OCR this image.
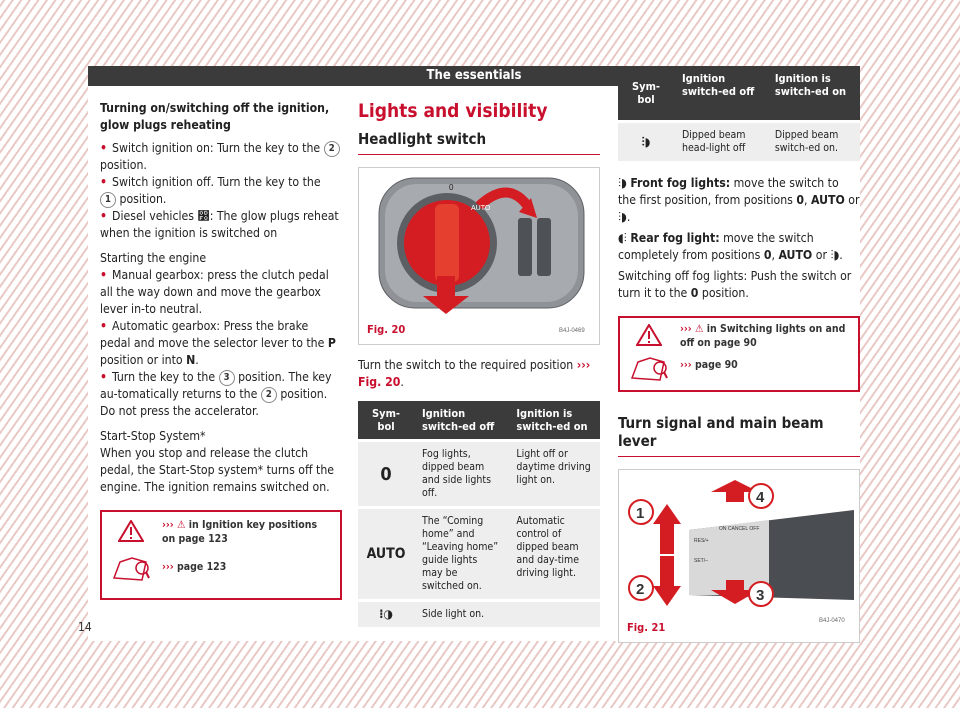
The essentials

Turning on/switching off the ignition, glow plugs reheating

• Switch ignition on: Turn the key to the 2 position.

• Switch ignition off. Turn the key to the 1 position.

• Diesel vehicles ෰: The glow plugs reheat when the ignition is switched on

Starting the engine

• Manual gearbox: press the clutch pedal all the way down and move the gearbox lever in-to neutral.

• Automatic gearbox: Press the brake pedal and move the selector lever to the P position or into N.

• Turn the key to the 3 position. The key au-tomatically returns to the 2 position. Do not press the accelerator.

Start-Stop System*

When you stop and release the clutch pedal, the Start-Stop system* turns off the engine. The ignition remains switched on.

››› ⚠ in Ignition key positions on page 123
››› page 123
Lights and visibility
Headlight switch
AUTO
0
B4J-0469
Fig. 20

Turn the switch to the required position ››› Fig. 20.

Sym-bol	Ignition switch-ed off	Ignition is switch-ed on
0	Fog lights, dipped beam and side lights off.	Light off or daytime driving light on.
AUTO	The “Coming home” and “Leaving home” guide lights may be switched on.	Automatic control of dipped beam and day-time driving light.
⁝◑	Side light on.	
Sym-bol	Ignition switch-ed off	Ignition is switch-ed on
⫶◗	Dipped beam head-light off	Dipped beam switch-ed on.

⫶◗ Front fog lights: move the switch to the first position, from positions 0, AUTO or ⫶◗.

◖⫶ Rear fog light: move the switch completely from positions 0, AUTO or ⫶◗.

Switching off fog lights: Push the switch or turn it to the 0 position.

››› ⚠ in Switching lights on and off on page 90
››› page 90
Turn signal and main beam lever
ON CANCEL OFF
RES/+
SET/–
1
2	3
4
B4J-0470
Fig. 21
14
